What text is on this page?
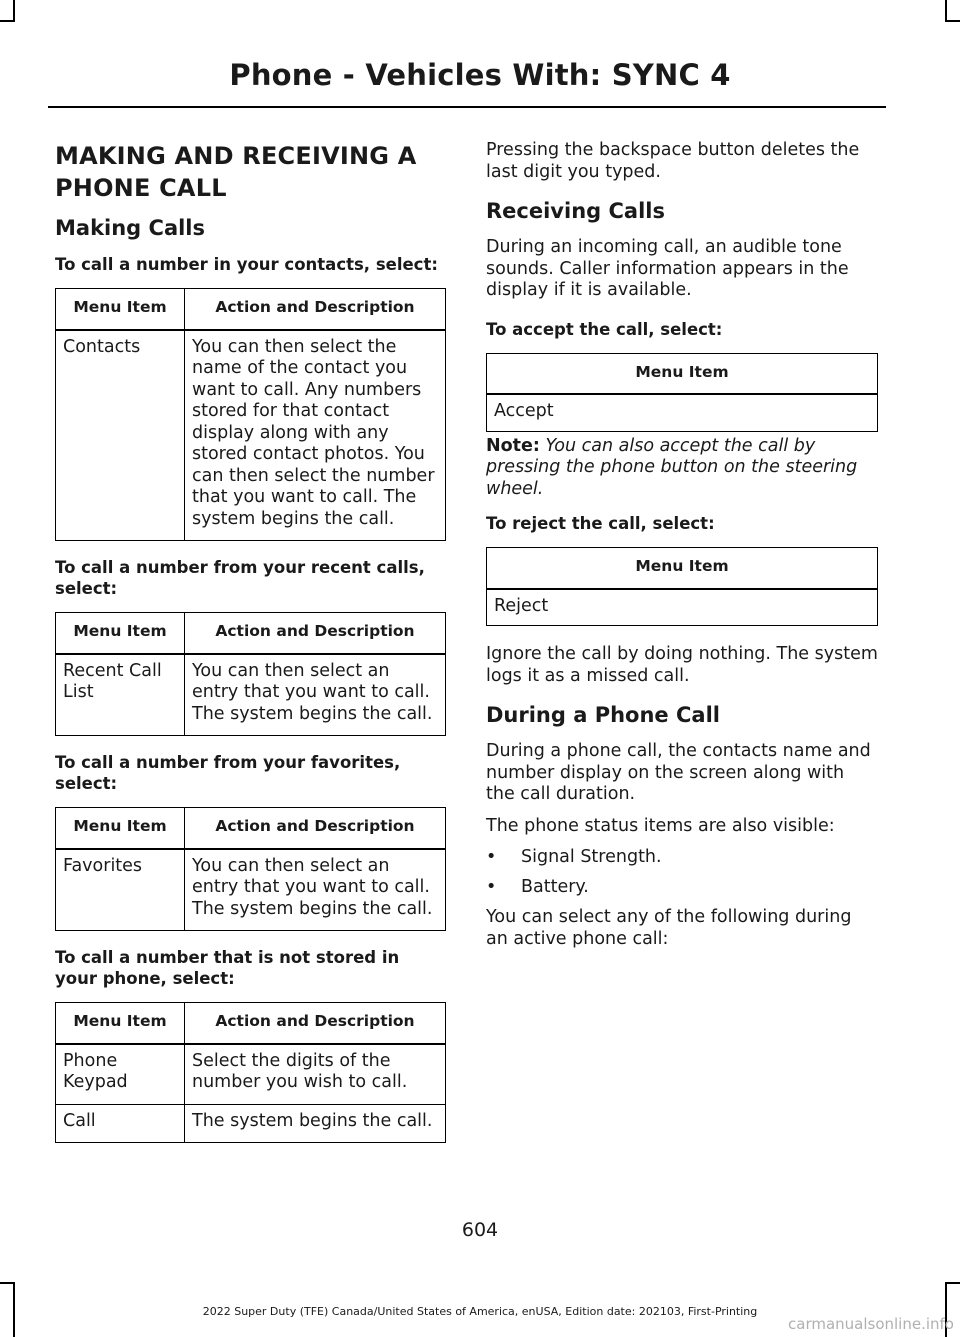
Phone - Vehicles With: SYNC 4
MAKING AND RECEIVING A PHONE CALL
Making Calls
To call a number in your contacts, select:
Menu Item	Action and Description
Contacts	You can then select the name of the contact you want to call. Any numbers stored for that contact display along with any stored contact photos. You can then select the number that you want to call. The system begins the call.
To call a number from your recent calls, select:
Menu Item	Action and Description
Recent Call List	You can then select an entry that you want to call. The system begins the call.
To call a number from your favorites, select:
Menu Item	Action and Description
Favorites	You can then select an entry that you want to call. The system begins the call.
To call a number that is not stored in your phone, select:
Menu Item	Action and Description
Phone Keypad	Select the digits of the number you wish to call.
Call	The system begins the call.
Pressing the backspace button deletes the last digit you typed.
Receiving Calls
During an incoming call, an audible tone sounds. Caller information appears in the display if it is available.
To accept the call, select:
Menu Item
Accept
Note: You can also accept the call by pressing the phone button on the steering wheel.
To reject the call, select:
Menu Item
Reject
Ignore the call by doing nothing. The system logs it as a missed call.
During a Phone Call
During a phone call, the contacts name and number display on the screen along with the call duration.
The phone status items are also visible:
• Signal Strength.
• Battery.
You can select any of the following during an active phone call:
604
2022 Super Duty (TFE) Canada/United States of America, enUSA, Edition date: 202103, First-Printing
carmanualsonline.info
